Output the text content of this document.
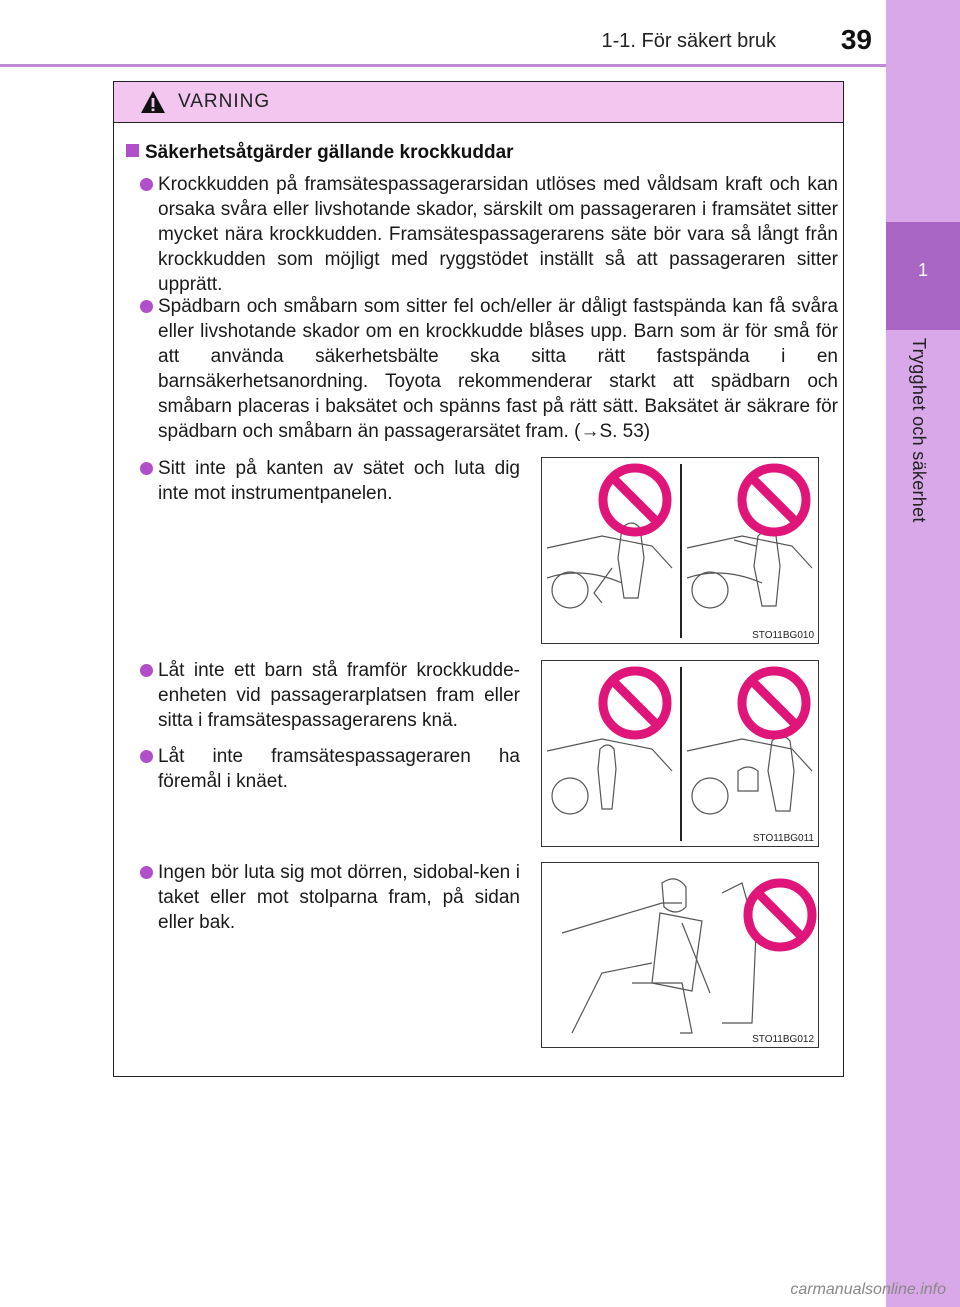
1-1. För säkert bruk 39
1
Trygghet och säkerhet
VARNING
Säkerhetsåtgärder gällande krockkuddar
Krockkudden på framsätespassagerarsidan utlöses med våldsam kraft och kan orsaka svåra eller livshotande skador, särskilt om passageraren i framsätet sitter mycket nära krockkudden. Framsätespassagerarens säte bör vara så långt från krockkudden som möjligt med ryggstödet inställt så att passageraren sitter upprätt.
Spädbarn och småbarn som sitter fel och/eller är dåligt fastspända kan få svåra eller livshotande skador om en krockkudde blåses upp. Barn som är för små för att använda säkerhetsbälte ska sitta rätt fastspända i en barnsäkerhetsanordning. Toyota rekommenderar starkt att spädbarn och småbarn placeras i baksätet och spänns fast på rätt sätt. Baksätet är säkrare för spädbarn och småbarn än passagerarsätet fram. (→S. 53)
Sitt inte på kanten av sätet och luta dig inte mot instrumentpanelen.
Låt inte ett barn stå framför krockkudde-enheten vid passagerarplatsen fram eller sitta i framsätespassagerarens knä.
Låt inte framsätespassageraren ha föremål i knäet.
Ingen bör luta sig mot dörren, sidobal-ken i taket eller mot stolparna fram, på sidan eller bak.
STO11BG010
STO11BG011
STO11BG012
carmanualsonline.info
